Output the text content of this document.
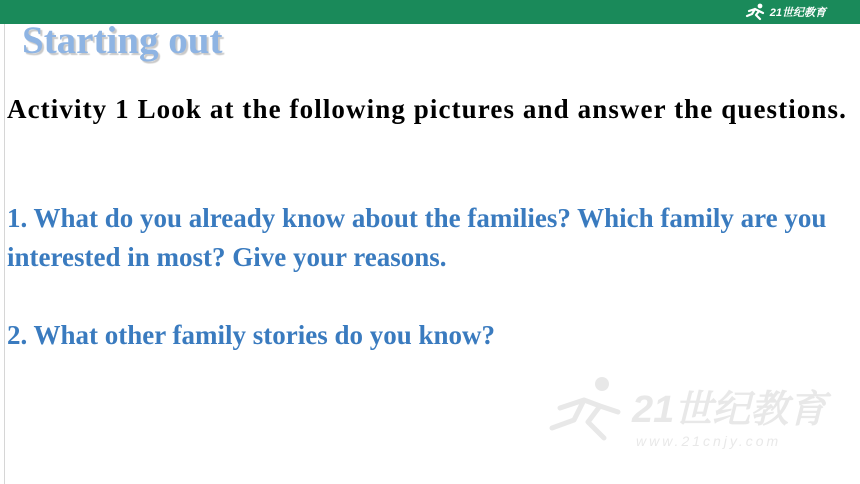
21世纪教育
Starting out
Activity 1 Look at the following pictures and answer the questions.
1. What do you already know about the families? Which family are you interested in most? Give your reasons.
2. What other family stories do you know?
21世纪教育
www.21cnjy.com
